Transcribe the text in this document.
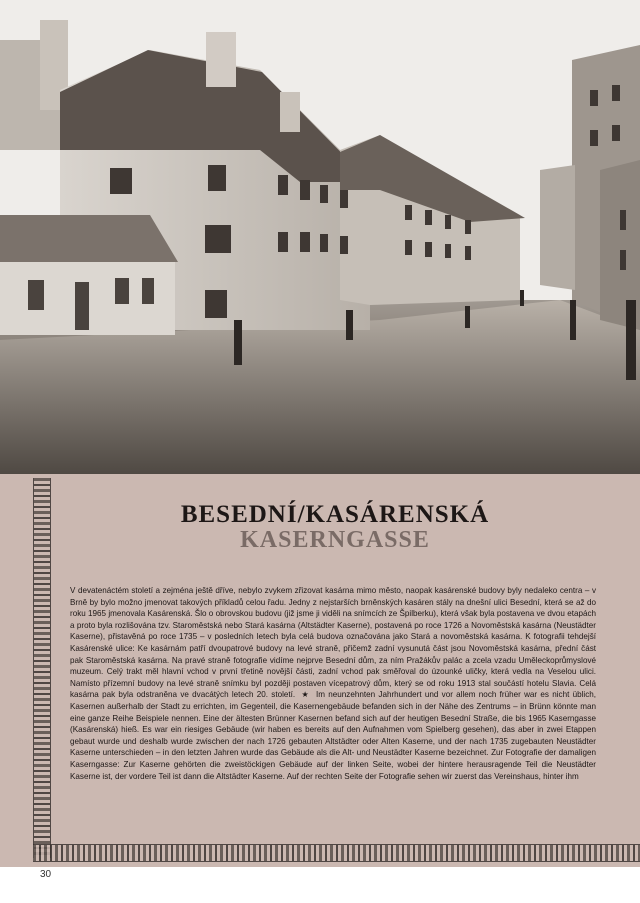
BESEDNÍ/KASÁRENSKÁ
KASERNGASSE
V devatenáctém století a zejména ještě dříve, nebylo zvykem zřizovat kasárna mimo město, naopak kasárenské budovy byly nedaleko centra – v Brně by bylo možno jmenovat takových příkladů celou řadu. Jedny z nejstarších brněnských kasáren stály na dnešní ulici Besední, která se až do roku 1965 jmenovala Kasárenská. Šlo o obrovskou budovu (již jsme ji viděli na snímcích ze Špilberku), která však byla postavena ve dvou etapách a proto byla rozlišována tzv. Staroměstská nebo Stará kasárna (Altstädter Kaserne), postavená po roce 1726 a Novoměstská kasárna (Neustädter Kaserne), přistavěná po roce 1735 – v posledních letech byla celá budova označována jako Stará a novoměstská kasárna. K fotografii tehdejší Kasárenské ulice: Ke kasárnám patří dvoupatrové budovy na levé straně, přičemž zadní vysunutá část jsou Novoměstská kasárna, přední část pak Staroměstská kasárna. Na pravé straně fotografie vidíme nejprve Besední dům, za ním Pražákův palác a zcela vzadu Uměleckoprůmyslové muzeum. Celý trakt měl hlavní vchod v první třetině novější části, zadní vchod pak směřoval do úzounké uličky, která vedla na Veselou ulici. Namísto přízemní budovy na levé straně snímku byl později postaven vícepatrový dům, který se od roku 1913 stal součástí hotelu Slavia. Celá kasárna pak byla odstraněna ve dvacátých letech 20. století. ★ Im neunzehnten Jahrhundert und vor allem noch früher war es nicht üblich, Kasernen außerhalb der Stadt zu errichten, im Gegenteil, die Kasernengebäude befanden sich in der Nähe des Zentrums – in Brünn könnte man eine ganze Reihe Beispiele nennen. Eine der ältesten Brünner Kasernen befand sich auf der heutigen Besední Straße, die bis 1965 Kaserngasse (Kasárenská) hieß. Es war ein riesiges Gebäude (wir haben es bereits auf den Aufnahmen vom Spielberg gesehen), das aber in zwei Etappen gebaut wurde und deshalb wurde zwischen der nach 1726 gebauten Altstädter oder Alten Kaserne, und der nach 1735 zugebauten Neustädter Kaserne unterschieden – in den letzten Jahren wurde das Gebäude als die Alt- und Neustädter Kaserne bezeichnet. Zur Fotografie der damaligen Kaserngasse: Zur Kaserne gehörten die zweistöckigen Gebäude auf der linken Seite, wobei der hintere herausragende Teil die Neustädter Kaserne ist, der vordere Teil ist dann die Altstädter Kaserne. Auf der rechten Seite der Fotografie sehen wir zuerst das Vereinshaus, hinter ihm
30
